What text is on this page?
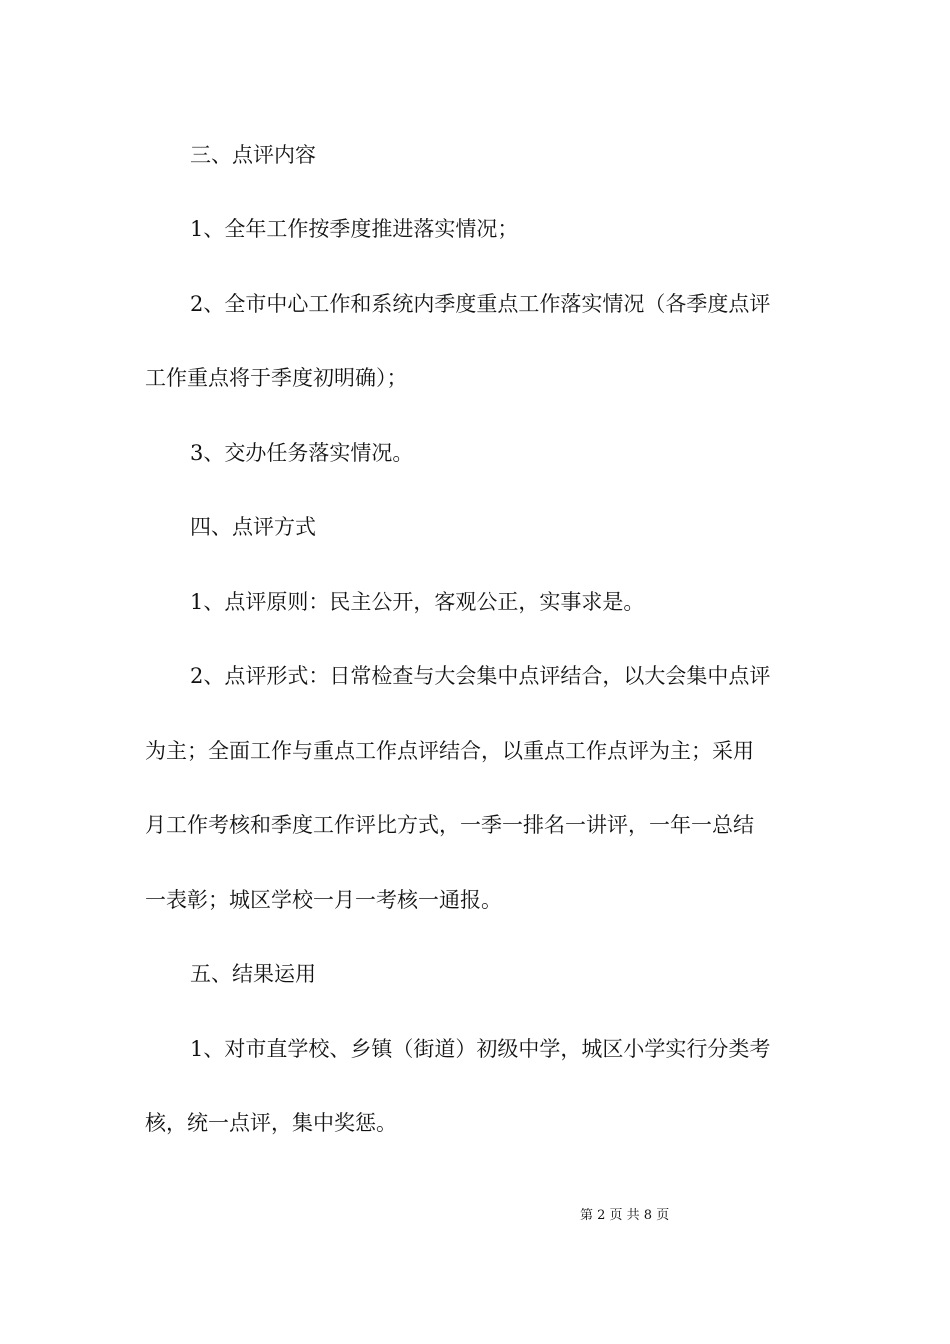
三、点评内容
1、全年工作按季度推进落实情况；
2、全市中心工作和系统内季度重点工作落实情况（各季度点评
工作重点将于季度初明确）；
3、交办任务落实情况。
四、点评方式
1、点评原则：民主公开，客观公正，实事求是。
2、点评形式：日常检查与大会集中点评结合，以大会集中点评
为主；全面工作与重点工作点评结合，以重点工作点评为主；采用
月工作考核和季度工作评比方式，一季一排名一讲评，一年一总结
一表彰；城区学校一月一考核一通报。
五、结果运用
1、对市直学校、乡镇（街道）初级中学，城区小学实行分类考
核，统一点评，集中奖惩。
第 2 页 共 8 页
